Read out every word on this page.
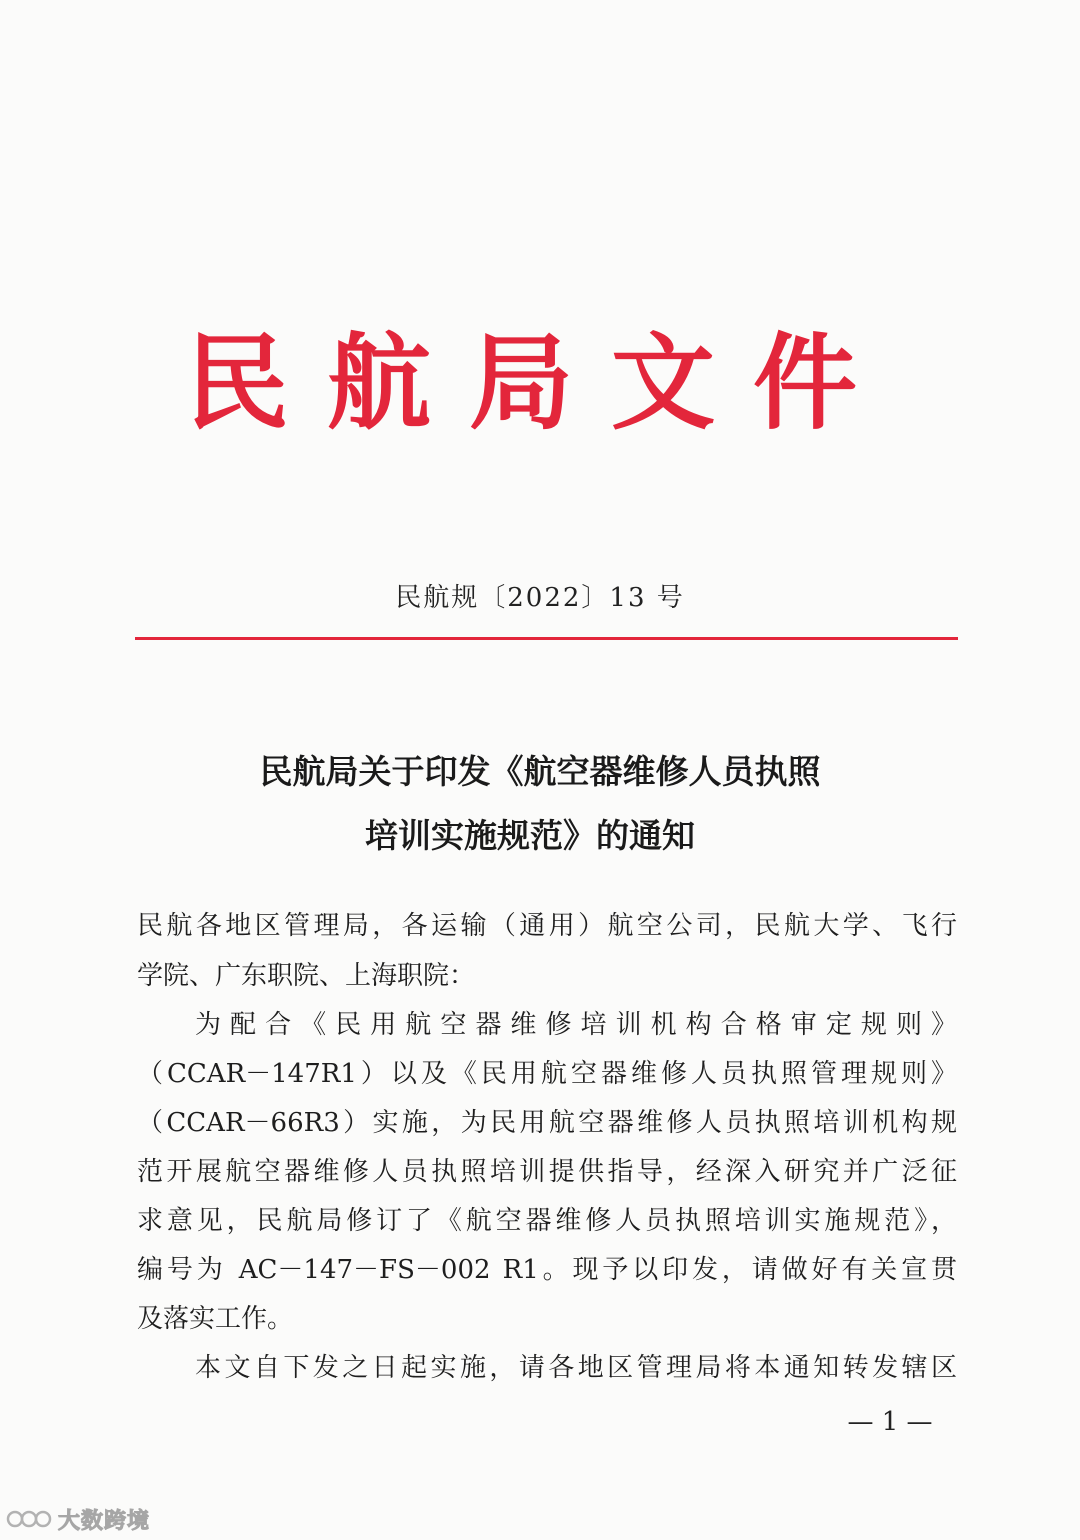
民航局文件
民航规〔2022〕13 号
民航局关于印发《航空器维修人员执照
培训实施规范》的通知
民航各地区管理局，各运输（通用）航空公司，民航大学、飞行
学院、广东职院、上海职院：
为配合《民用航空器维修培训机构合格审定规则》
（CCAR－147R1）以及《民用航空器维修人员执照管理规则》
（CCAR－66R3）实施，为民用航空器维修人员执照培训机构规
范开展航空器维修人员执照培训提供指导，经深入研究并广泛征
求意见，民航局修订了《航空器维修人员执照培训实施规范》，
编号为 AC－147－FS－002 R1。现予以印发，请做好有关宣贯
及落实工作。
本文自下发之日起实施，请各地区管理局将本通知转发辖区
— 1 —
大数跨境
